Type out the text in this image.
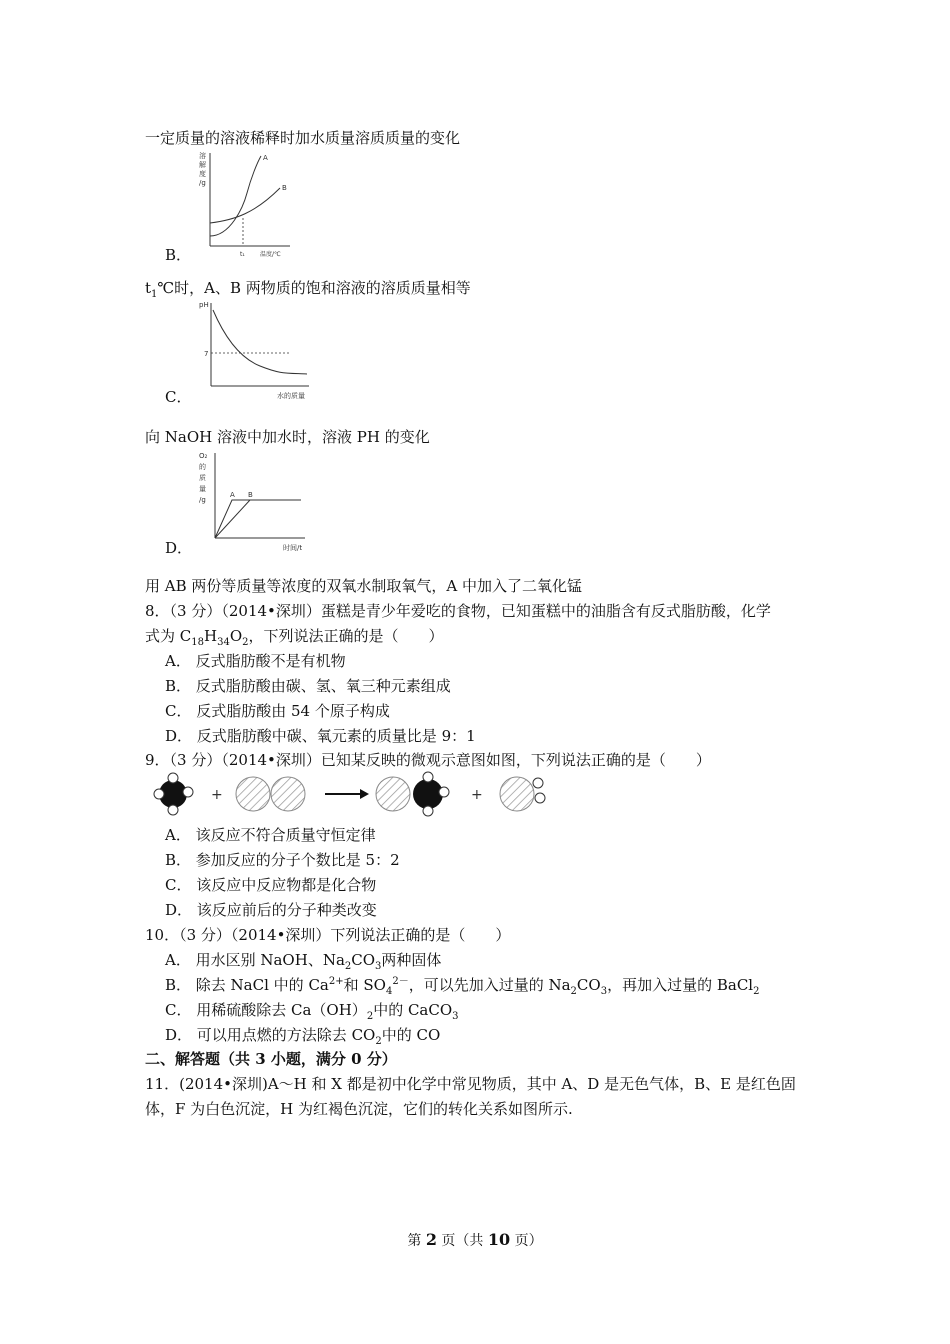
一定质量的溶液稀释时加水质量溶质质量的变化
溶
解
度
/g
A
B
t₁	温度/℃
B．
$t_1℃$时，A、B 两物质的饱和溶液的溶质质量相等
pH
7
水的质量
C．
向 NaOH 溶液中加水时，溶液 PH 的变化
O₂
的
质
量
/g
A B
时间/t
D．
用 AB 两份等质量等浓度的双氧水制取氧气，A 中加入了二氧化锰
8．（3 分）（2014•深圳）蛋糕是青少年爱吃的食物，已知蛋糕中的油脂含有反式脂肪酸，化学
式为 $C_{18}H_{34}O_2$，下列说法正确的是（　　）
A． 反式脂肪酸不是有机物
B． 反式脂肪酸由碳、氢、氧三种元素组成
C． 反式脂肪酸由 54 个原子构成
D． 反式脂肪酸中碳、氧元素的质量比是 9：1
9．（3 分）（2014•深圳）已知某反映的微观示意图如图，下列说法正确的是（　　）
+	+
A． 该反应不符合质量守恒定律
B． 参加反应的分子个数比是 5：2
C． 该反应中反应物都是化合物
D． 该反应前后的分子种类改变
10．（3 分）（2014•深圳）下列说法正确的是（　　）
A． 用水区别 NaOH、$Na_2CO_3$两种固体
B． 除去 NaCl 中的 $Ca^{2+}$和 $SO_4^{2-}$，可以先加入过量的 $Na_2CO_3$，再加入过量的 BaCl$_2$
C． 用稀硫酸除去 $Ca(OH)_2$中的 CaCO$_3$
D． 可以用点燃的方法除去 $CO_2$中的 CO
二、解答题（共 3 小题，满分 0 分）
11．(2014•深圳)A～H 和 X 都是初中化学中常见物质，其中 A、D 是无色气体，B、E 是红色固
体，F 为白色沉淀，H 为红褐色沉淀，它们的转化关系如图所示.
第 2 页（共 10 页）
